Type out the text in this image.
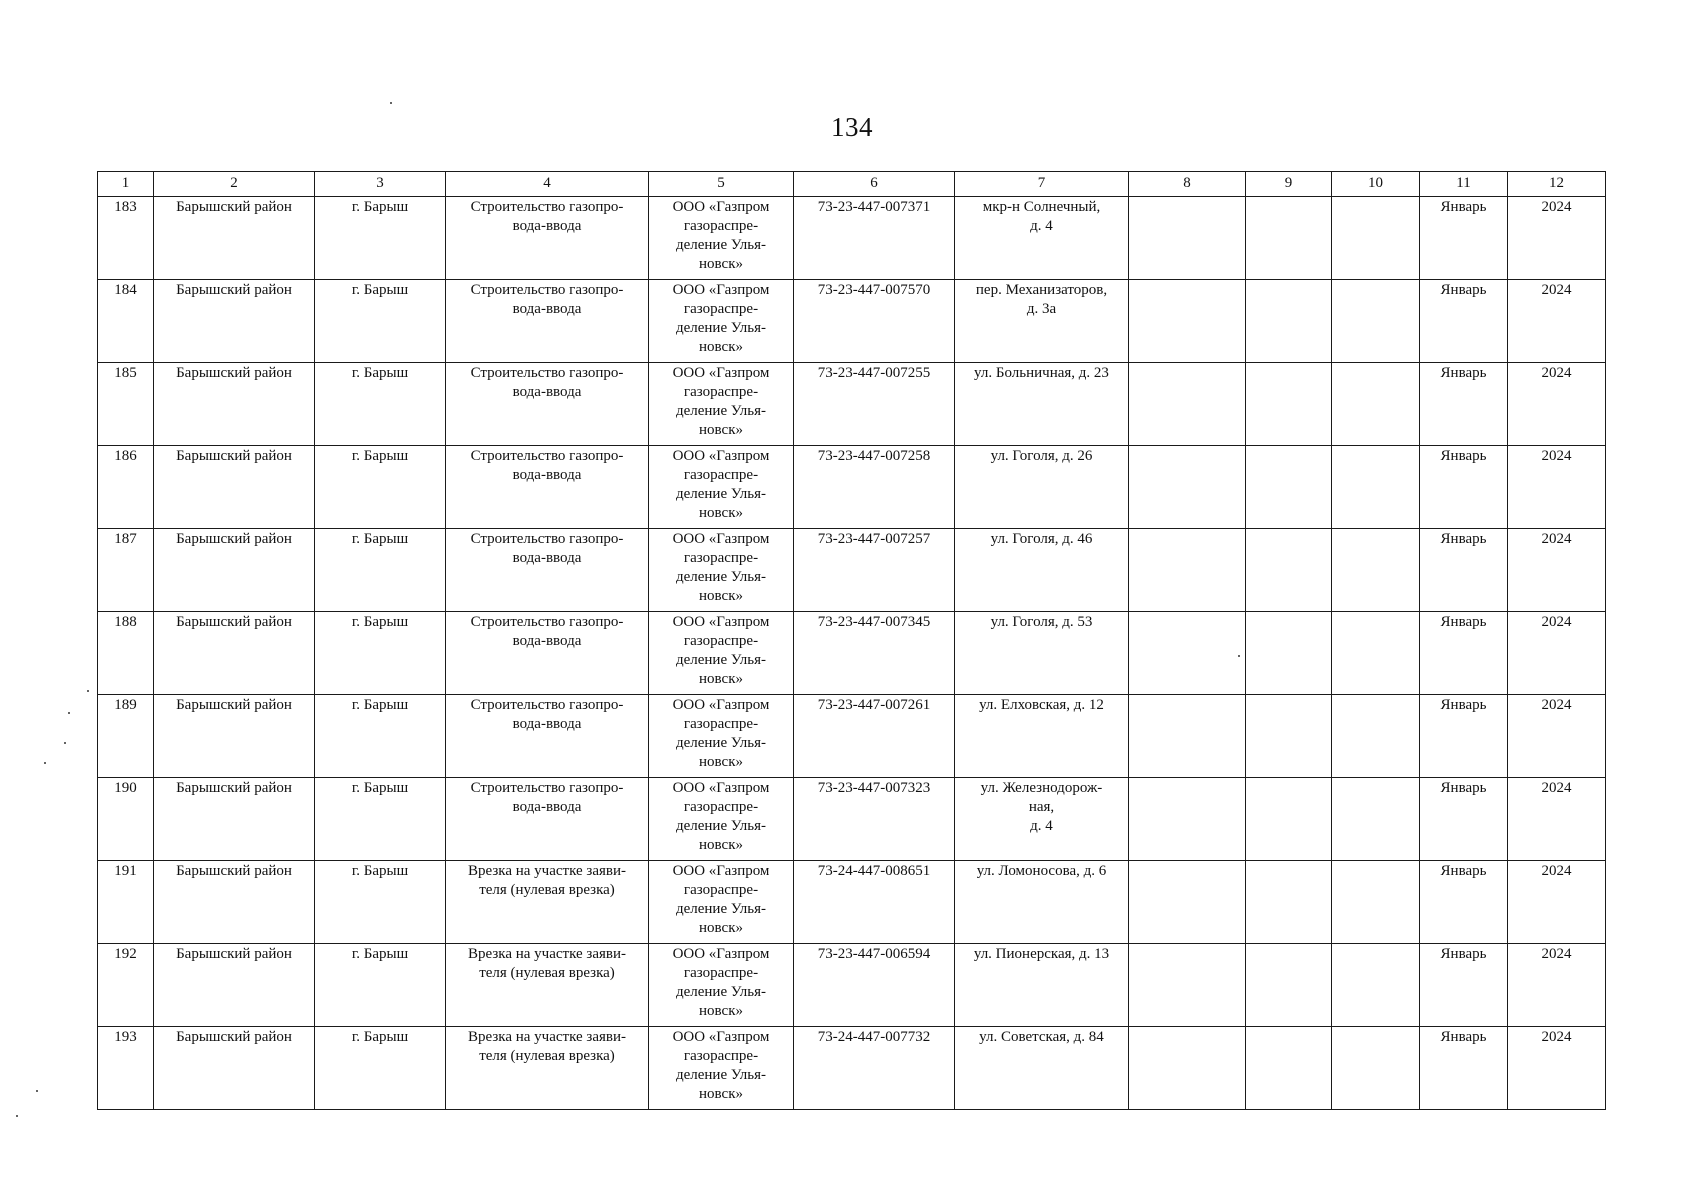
134
1	2	3	4	5	6	7	8	9	10	11	12
183	Барышский район	г. Барыш	Строительство газопро-
вода-ввода	ООО «Газпром
газораспре-
деление Улья-
новск»	73-23-447-007371	мкр-н Солнечный,
д. 4				Январь	2024
184	Барышский район	г. Барыш	Строительство газопро-
вода-ввода	ООО «Газпром
газораспре-
деление Улья-
новск»	73-23-447-007570	пер. Механизаторов,
д. 3а				Январь	2024
185	Барышский район	г. Барыш	Строительство газопро-
вода-ввода	ООО «Газпром
газораспре-
деление Улья-
новск»	73-23-447-007255	ул. Больничная, д. 23				Январь	2024
186	Барышский район	г. Барыш	Строительство газопро-
вода-ввода	ООО «Газпром
газораспре-
деление Улья-
новск»	73-23-447-007258	ул. Гоголя, д. 26				Январь	2024
187	Барышский район	г. Барыш	Строительство газопро-
вода-ввода	ООО «Газпром
газораспре-
деление Улья-
новск»	73-23-447-007257	ул. Гоголя, д. 46				Январь	2024
188	Барышский район	г. Барыш	Строительство газопро-
вода-ввода	ООО «Газпром
газораспре-
деление Улья-
новск»	73-23-447-007345	ул. Гоголя, д. 53				Январь	2024
189	Барышский район	г. Барыш	Строительство газопро-
вода-ввода	ООО «Газпром
газораспре-
деление Улья-
новск»	73-23-447-007261	ул. Елховская, д. 12				Январь	2024
190	Барышский район	г. Барыш	Строительство газопро-
вода-ввода	ООО «Газпром
газораспре-
деление Улья-
новск»	73-23-447-007323	ул. Железнодорож-
ная,
д. 4				Январь	2024
191	Барышский район	г. Барыш	Врезка на участке заяви-
теля (нулевая врезка)	ООО «Газпром
газораспре-
деление Улья-
новск»	73-24-447-008651	ул. Ломоносова, д. 6				Январь	2024
192	Барышский район	г. Барыш	Врезка на участке заяви-
теля (нулевая врезка)	ООО «Газпром
газораспре-
деление Улья-
новск»	73-23-447-006594	ул. Пионерская, д. 13				Январь	2024
193	Барышский район	г. Барыш	Врезка на участке заяви-
теля (нулевая врезка)	ООО «Газпром
газораспре-
деление Улья-
новск»	73-24-447-007732	ул. Советская, д. 84				Январь	2024
